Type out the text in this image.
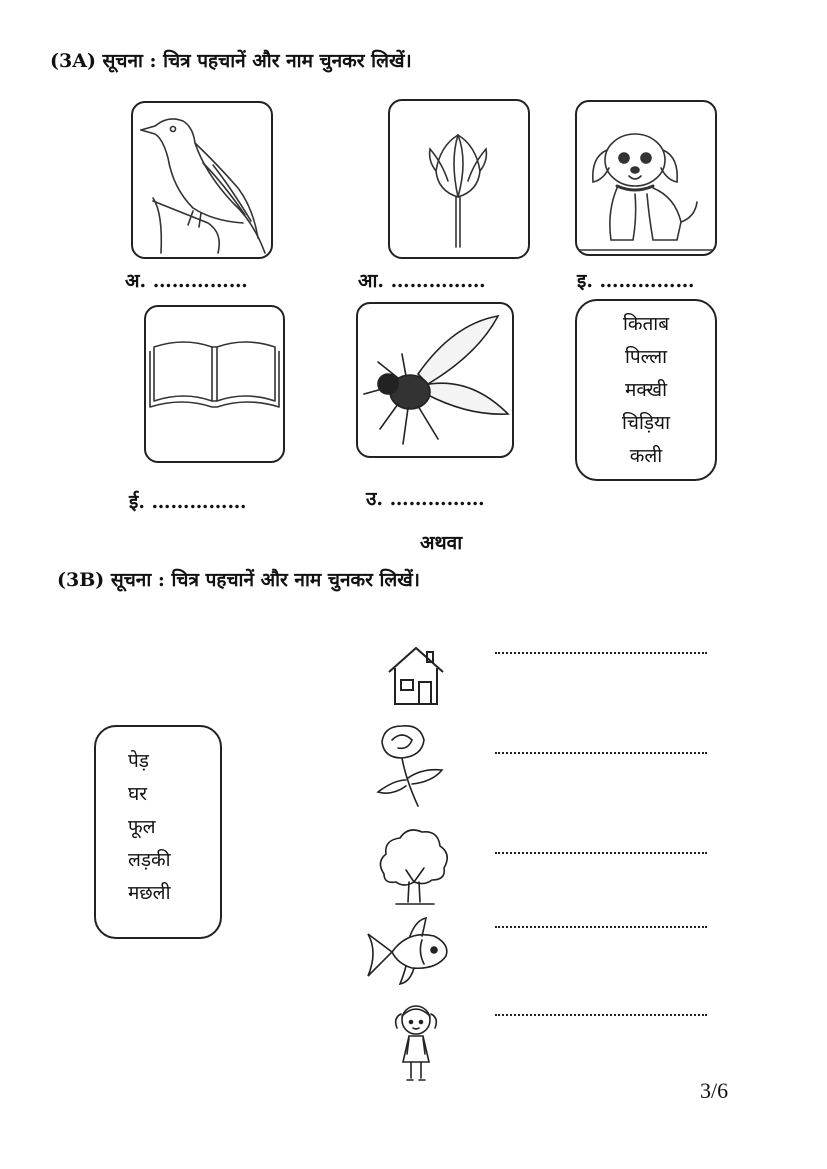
(3A) सूचना : चित्र पहचानें और नाम चुनकर लिखें।
अ. ……………	आ. ……………	इ. ……………
ई. ……………	उ. ……………
किताब
पिल्ला
मक्खी
चिड़िया
कली
अथवा
(3B) सूचना : चित्र पहचानें और नाम चुनकर लिखें।
पेड़
घर
फूल
लड़की
मछली
3/6
